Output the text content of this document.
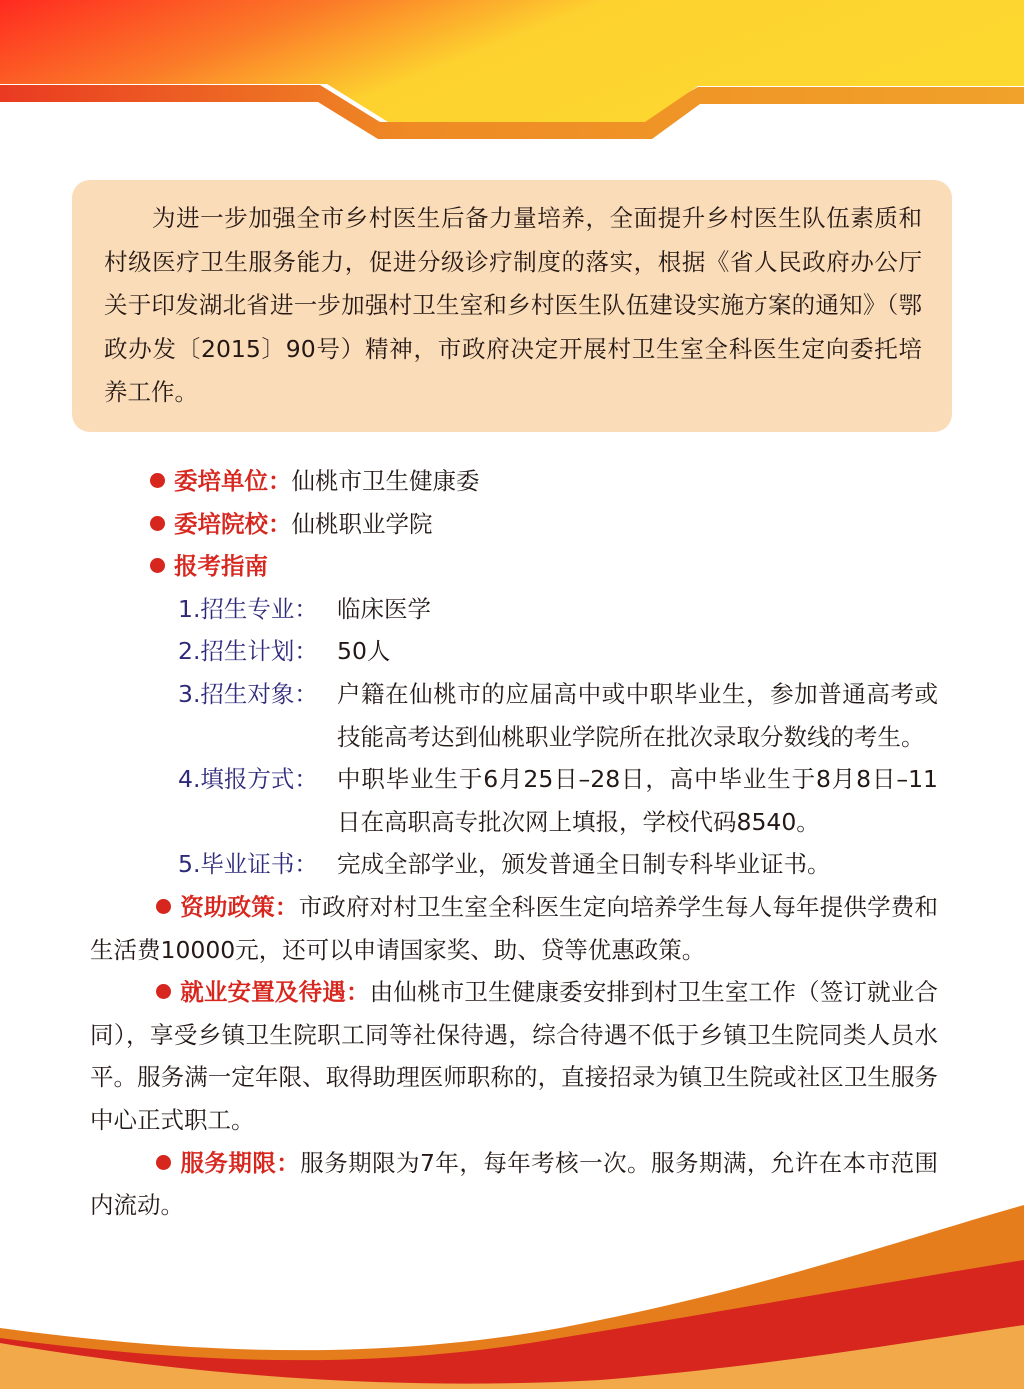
为进一步加强全市乡村医生后备力量培养，全面提升乡村医生队伍素质和村级医疗卫生服务能力，促进分级诊疗制度的落实，根据《省人民政府办公厅关于印发湖北省进一步加强村卫生室和乡村医生队伍建设实施方案的通知》（鄂政办发〔2015〕90号）精神，市政府决定开展村卫生室全科医生定向委托培养工作。
委培单位：仙桃市卫生健康委
委培院校：仙桃职业学院
报考指南
1.招生专业： 临床医学
2.招生计划： 50人
3.招生对象： 户籍在仙桃市的应届高中或中职毕业生，参加普通高考或技能高考达到仙桃职业学院所在批次录取分数线的考生。
4.填报方式： 中职毕业生于6月25日–28日，高中毕业生于8月8日–11日在高职高专批次网上填报，学校代码8540。
5.毕业证书： 完成全部学业，颁发普通全日制专科毕业证书。
资助政策：市政府对村卫生室全科医生定向培养学生每人每年提供学费和生活费10000元，还可以申请国家奖、助、贷等优惠政策。
就业安置及待遇：由仙桃市卫生健康委安排到村卫生室工作（签订就业合同），享受乡镇卫生院职工同等社保待遇，综合待遇不低于乡镇卫生院同类人员水平。服务满一定年限、取得助理医师职称的，直接招录为镇卫生院或社区卫生服务中心正式职工。
服务期限：服务期限为7年，每年考核一次。服务期满，允许在本市范围内流动。
